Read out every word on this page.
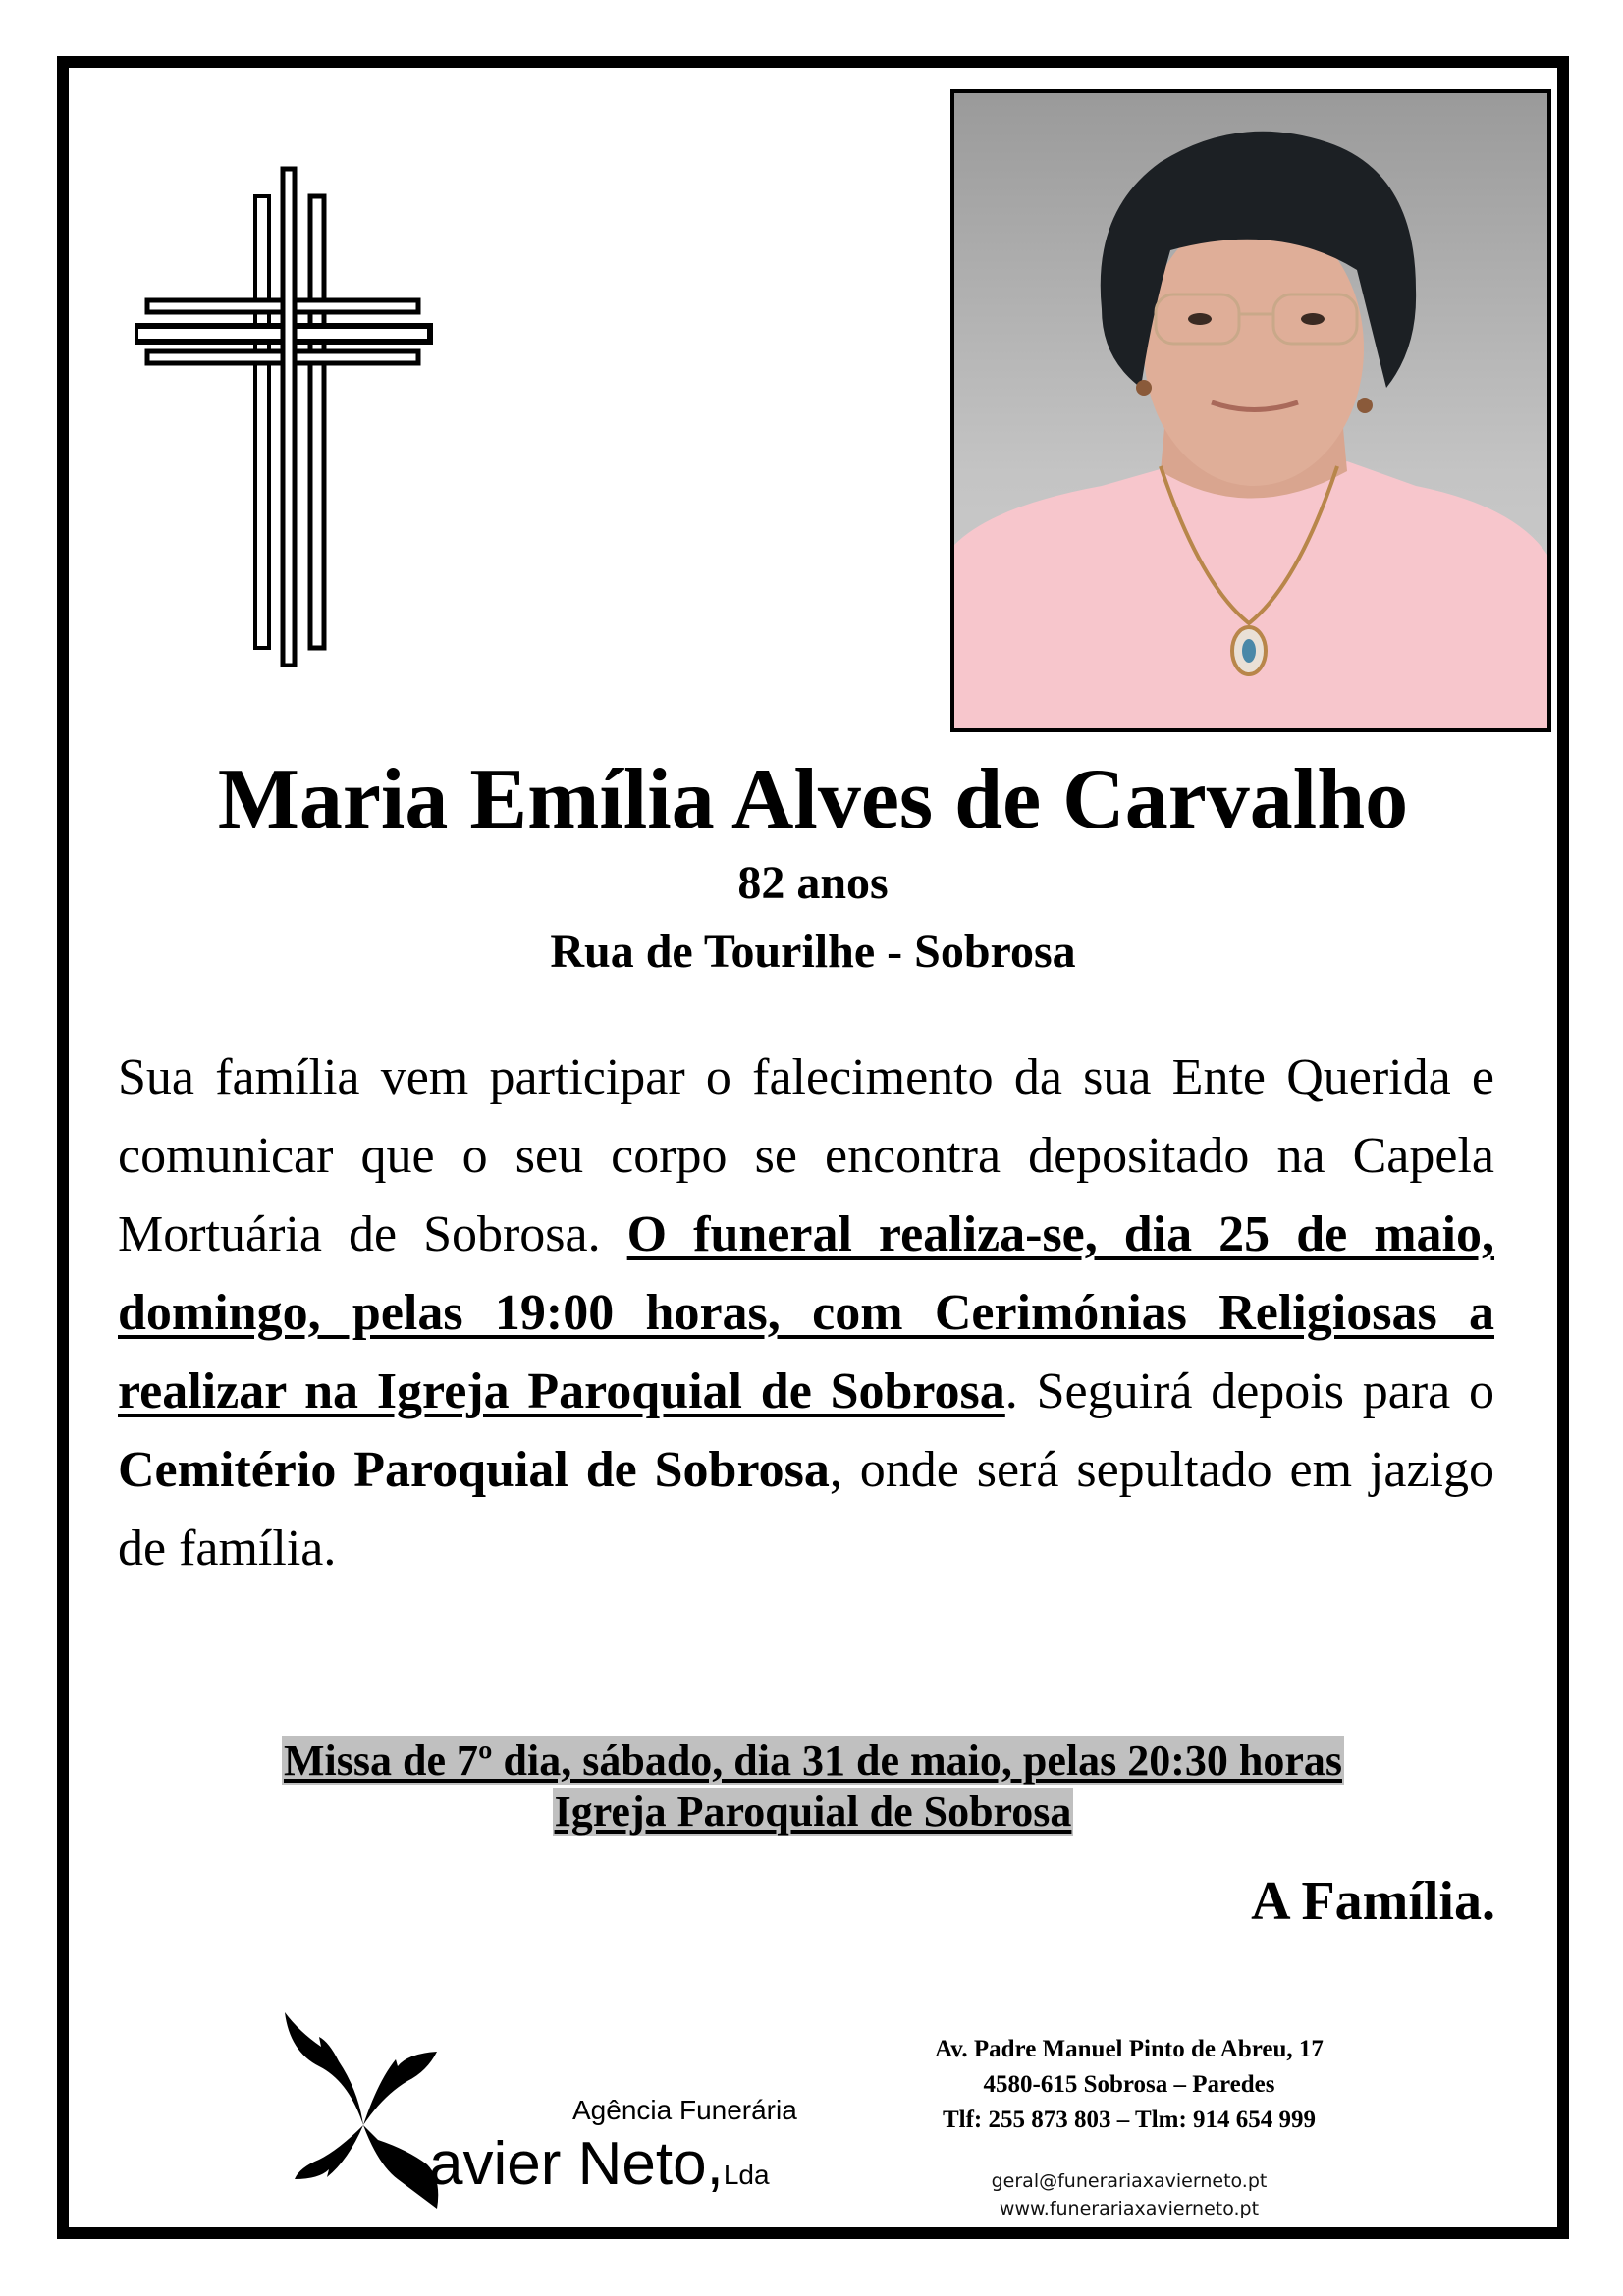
Maria Emília Alves de Carvalho
82 anos
Rua de Tourilhe - Sobrosa
Sua família vem participar o falecimento da sua Ente Querida e comunicar que o seu corpo se encontra depositado na Capela Mortuária de Sobrosa. O funeral realiza-se, dia 25 de maio, domingo, pelas 19:00 horas, com Cerimónias Religiosas a realizar na Igreja Paroquial de Sobrosa. Seguirá depois para o Cemitério Paroquial de Sobrosa, onde será sepultado em jazigo de família.
Missa de 7º dia, sábado, dia 31 de maio, pelas 20:30 horas
Igreja Paroquial de Sobrosa
A Família.
Agência Funerária
avier Neto,Lda
Av. Padre Manuel Pinto de Abreu, 17
4580-615 Sobrosa – Paredes
Tlf: 255 873 803 – Tlm: 914 654 999
geral@funerariaxavierneto.pt
www.funerariaxavierneto.pt
